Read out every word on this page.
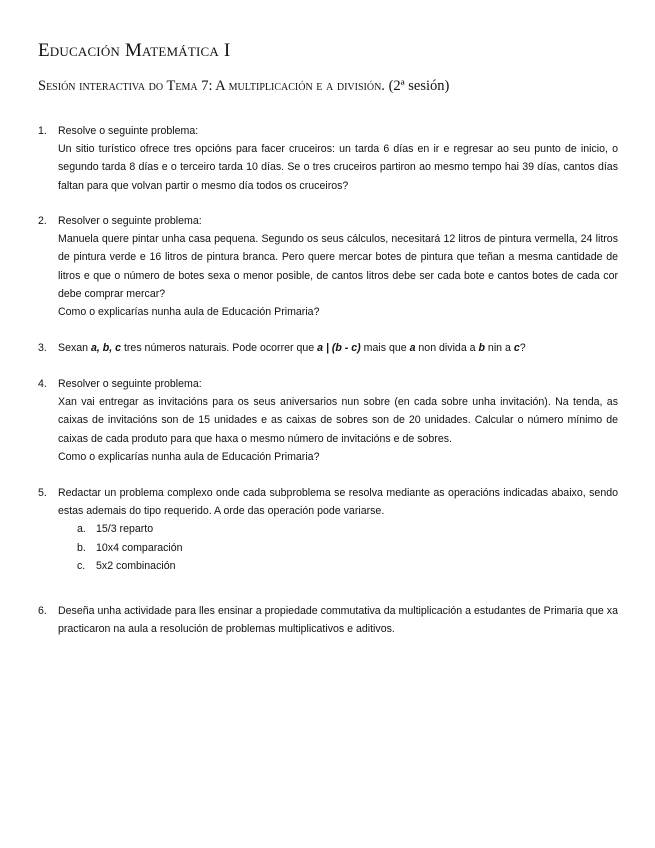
Educación Matemática I
Sesión interactiva do Tema 7: A multiplicación e a división. (2ª sesión)
1.	Resolve o seguinte problema:

Un sitio turístico ofrece tres opcións para facer cruceiros: un tarda 6 días en ir e regresar ao seu punto de inicio, o segundo tarda 8 días e o terceiro tarda 10 días. Se o tres cruceiros partiron ao mesmo tempo hai 39 días, cantos días faltan para que volvan partir o mesmo día todos os cruceiros?

2.	Resolver o seguinte problema:

Manuela quere pintar unha casa pequena. Segundo os seus cálculos, necesitará 12 litros de pintura vermella, 24 litros de pintura verde e 16 litros de pintura branca. Pero quere mercar botes de pintura que teñan a mesma cantidade de litros e que o número de botes sexa o menor posible, de cantos litros debe ser cada bote e cantos botes de cada cor debe comprar mercar?

Como o explicarías nunha aula de Educación Primaria?

3.	Sexan a, b, c tres números naturais. Pode ocorrer que a | (b - c) mais que a non divida a b nin a c?

4.	Resolver o seguinte problema:

Xan vai entregar as invitacións para os seus aniversarios nun sobre (en cada sobre unha invitación). Na tenda, as caixas de invitacións son de 15 unidades e as caixas de sobres son de 20 unidades. Calcular o número mínimo de caixas de cada produto para que haxa o mesmo número de invitacións e de sobres.

Como o explicarías nunha aula de Educación Primaria?

5.	Redactar un problema complexo onde cada subproblema se resolva mediante as operacións indicadas abaixo, sendo estas ademais do tipo requerido. A orde das operación pode variarse.

a. 15/3 reparto
b. 10x4 comparación
c. 5x2 combinación
6.	Deseña unha actividade para lles ensinar a propiedade commutativa da multiplicación a estudantes de Primaria que xa practicaron na aula a resolución de problemas multiplicativos e aditivos.
